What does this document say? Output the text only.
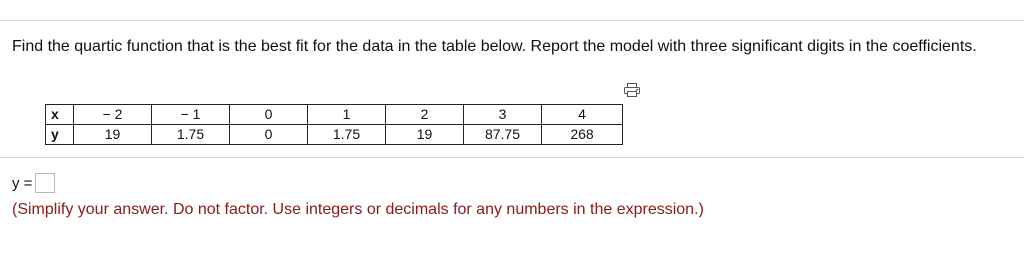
Find the quartic function that is the best fit for the data in the table below. Report the model with three significant digits in the coefficients.
x	− 2	− 1	0	1	2	3	4
y	19	1.75	0	1.75	19	87.75	268
y =
(Simplify your answer. Do not factor. Use integers or decimals for any numbers in the expression.)
